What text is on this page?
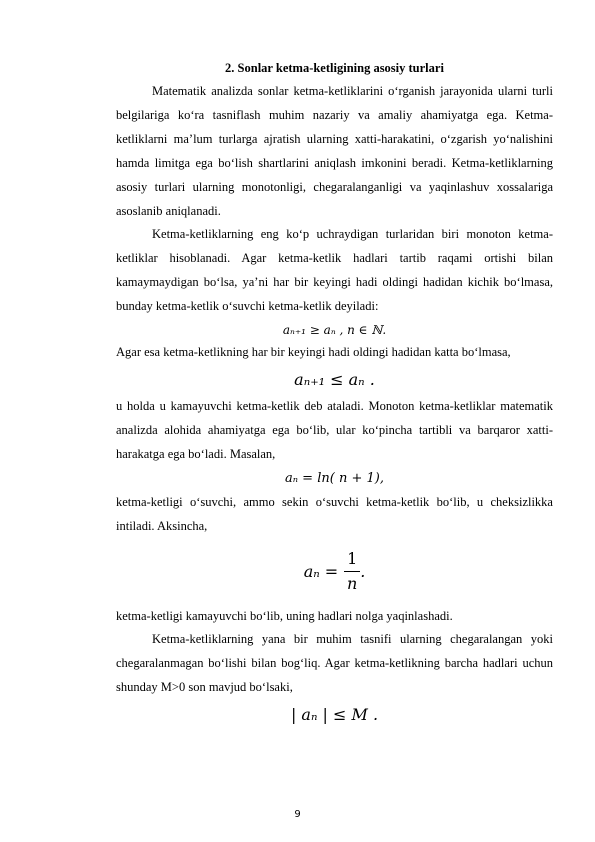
2. Sonlar ketma-ketligining asosiy turlari

Matematik analizda sonlar ketma-ketliklarini o‘rganish jarayonida ularni turli belgilariga ko‘ra tasniflash muhim nazariy va amaliy ahamiyatga ega. Ketma-ketliklarni ma’lum turlarga ajratish ularning xatti-harakatini, o‘zgarish yo‘nalishini hamda limitga ega bo‘lish shartlarini aniqlash imkonini beradi. Ketma-ketliklarning asosiy turlari ularning monotonligi, chegaralanganligi va yaqinlashuv xossalariga asoslanib aniqlanadi.

Ketma-ketliklarning eng ko‘p uchraydigan turlaridan biri monoton ketma-ketliklar hisoblanadi. Agar ketma-ketlik hadlari tartib raqami ortishi bilan kamaymaydigan bo‘lsa, ya’ni har bir keyingi hadi oldingi hadidan kichik bo‘lmasa, bunday ketma-ketlik o‘suvchi ketma-ketlik deyiladi:

aₙ₊₁ ≥ aₙ , n ∈ ℕ.

Agar esa ketma-ketlikning har bir keyingi hadi oldingi hadidan katta bo‘lmasa,

aₙ₊₁ ≤ aₙ .

u holda u kamayuvchi ketma-ketlik deb ataladi. Monoton ketma-ketliklar matematik analizda alohida ahamiyatga ega bo‘lib, ular ko‘pincha tartibli va barqaror xatti-harakatga ega bo‘ladi. Masalan,

aₙ = ln( n + 1),

ketma-ketligi o‘suvchi, ammo sekin o‘suvchi ketma-ketlik bo‘lib, u cheksizlikka intiladi. Aksincha,

$a_n = \frac{1}{n}$ .

ketma-ketligi kamayuvchi bo‘lib, uning hadlari nolga yaqinlashadi.

Ketma-ketliklarning yana bir muhim tasnifi ularning chegaralangan yoki chegaralanmagan bo‘lishi bilan bog‘liq. Agar ketma-ketlikning barcha hadlari uchun shunday M>0 son mavjud bo‘lsaki,

| aₙ | ≤ M .

9
